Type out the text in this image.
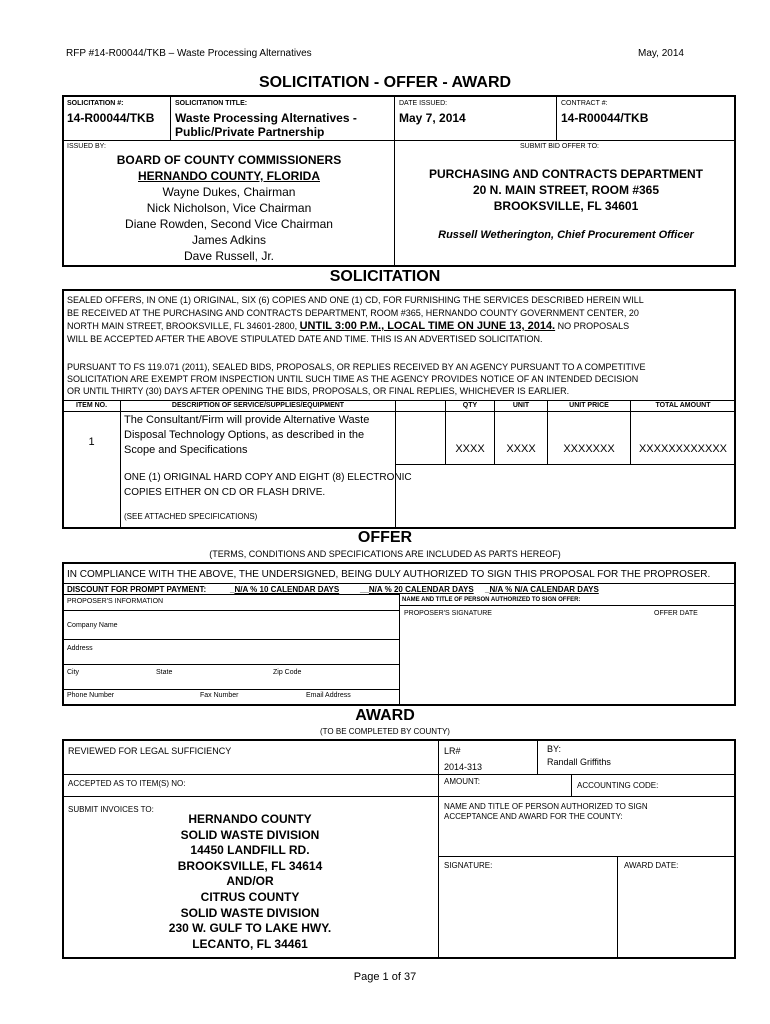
RFP #14-R00044/TKB – Waste Processing Alternatives	May, 2014
SOLICITATION - OFFER - AWARD
SOLICITATION #:
14-R00044/TKB
SOLICITATION TITLE:
Waste Processing Alternatives -
Public/Private Partnership
DATE ISSUED:
May 7, 2014
CONTRACT #:
14-R00044/TKB
ISSUED BY:	SUBMIT BID OFFER TO:
BOARD OF COUNTY COMMISSIONERS
HERNANDO COUNTY, FLORIDA
Wayne Dukes, Chairman
Nick Nicholson, Vice Chairman
Diane Rowden, Second Vice Chairman
James Adkins
Dave Russell, Jr.
PURCHASING AND CONTRACTS DEPARTMENT
20 N. MAIN STREET, ROOM #365
BROOKSVILLE, FL 34601
Russell Wetherington, Chief Procurement Officer
SOLICITATION
SEALED OFFERS, IN ONE (1) ORIGINAL, SIX (6) COPIES AND ONE (1) CD, FOR FURNISHING THE SERVICES DESCRIBED HEREIN WILL
BE RECEIVED AT THE PURCHASING AND CONTRACTS DEPARTMENT, ROOM #365, HERNANDO COUNTY GOVERNMENT CENTER, 20
NORTH MAIN STREET, BROOKSVILLE, FL 34601-2800, UNTIL 3:00 P.M., LOCAL TIME ON JUNE 13, 2014. NO PROPOSALS
WILL BE ACCEPTED AFTER THE ABOVE STIPULATED DATE AND TIME. THIS IS AN ADVERTISED SOLICITATION.
PURSUANT TO FS 119.071 (2011), SEALED BIDS, PROPOSALS, OR REPLIES RECEIVED BY AN AGENCY PURSUANT TO A COMPETITIVE
SOLICITATION ARE EXEMPT FROM INSPECTION UNTIL SUCH TIME AS THE AGENCY PROVIDES NOTICE OF AN INTENDED DECISION
OR UNTIL THIRTY (30) DAYS AFTER OPENING THE BIDS, PROPOSALS, OR FINAL REPLIES, WHICHEVER IS EARLIER.
ITEM NO.	DESCRIPTION OF SERVICE/SUPPLIES/EQUIPMENT	QTY	UNIT	UNIT PRICE	TOTAL AMOUNT
1
The Consultant/Firm will provide Alternative Waste
Disposal Technology Options, as described in the
Scope and Specifications	XXXX	XXXX	XXXXXXX	XXXXXXXXXXXX
ONE (1) ORIGINAL HARD COPY AND EIGHT (8) ELECTRONIC
COPIES EITHER ON CD OR FLASH DRIVE.
(SEE ATTACHED SPECIFICATIONS)
OFFER
(TERMS, CONDITIONS AND SPECIFICATIONS ARE INCLUDED AS PARTS HEREOF)
IN COMPLIANCE WITH THE ABOVE, THE UNDERSIGNED, BEING DULY AUTHORIZED TO SIGN THIS PROPOSAL FOR THE PROPROSER.
DISCOUNT FOR PROMPT PAYMENT:	_N/A % 10 CALENDAR DAYS	__N/A % 20 CALENDAR DAYS _N/A % N/A CALENDAR DAYS
NAME AND TITLE OF PERSON AUTHORIZED TO SIGN OFFER:
PROPOSER'S INFORMATION
PROPOSER'S SIGNATURE	OFFER DATE
Company Name
Address
City	State	Zip Code
Phone Number	Fax Number	Email Address
AWARD
(TO BE COMPLETED BY COUNTY)
REVIEWED FOR LEGAL SUFFICIENCY	LR#
2014-313
BY:
Randall Griffiths
ACCEPTED AS TO ITEM(S) NO:	AMOUNT:	ACCOUNTING CODE:
SUBMIT INVOICES TO:
HERNANDO COUNTY
SOLID WASTE DIVISION
14450 LANDFILL RD.
BROOKSVILLE, FL 34614
AND/OR
CITRUS COUNTY
SOLID WASTE DIVISION
230 W. GULF TO LAKE HWY.
LECANTO, FL 34461
NAME AND TITLE OF PERSON AUTHORIZED TO SIGN
ACCEPTANCE AND AWARD FOR THE COUNTY:
SIGNATURE:	AWARD DATE:
Page 1 of 37
